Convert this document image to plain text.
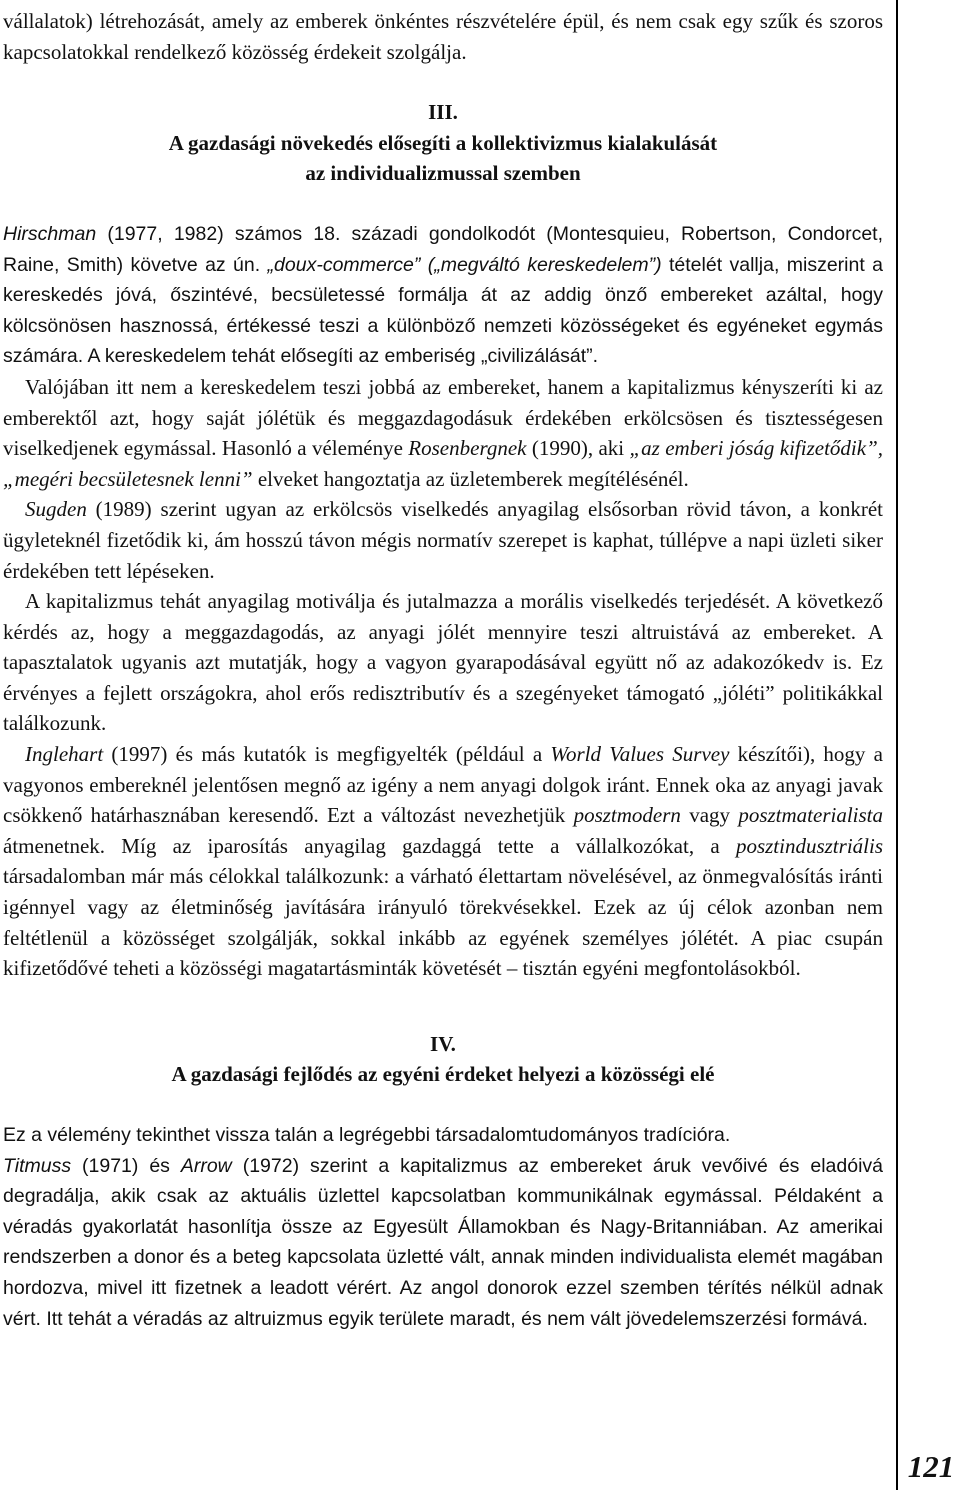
vállalatok) létrehozását, amely az emberek önkéntes részvételére épül, és nem csak egy szűk és szoros kapcsolatokkal rendelkező közösség érdekeit szolgálja.

III.

A gazdasági növekedés elősegíti a kollektivizmus kialakulását

az individualizmussal szemben

Hirschman (1977, 1982) számos 18. századi gondolkodót (Montesquieu, Robertson, Condorcet, Raine, Smith) követve az ún. „doux-commerce” („megváltó kereskedelem”) tételét vallja, miszerint a kereskedés jóvá, őszintévé, becsületessé formálja át az addig önző embereket azáltal, hogy kölcsönösen hasznossá, értékessé teszi a különböző nemzeti közösségeket és egyéneket egymás számára. A kereskedelem tehát elősegíti az emberiség „civilizálását”.

Valójában itt nem a kereskedelem teszi jobbá az embereket, hanem a kapitalizmus kényszeríti ki az emberektől azt, hogy saját jólétük és meggazdagodásuk érdekében erkölcsösen és tisztességesen viselkedjenek egymással. Hasonló a véleménye Rosenbergnek (1990), aki „az emberi jóság kifizetődik”, „megéri becsületesnek lenni” elveket hangoztatja az üzletemberek megítélésénél.

Sugden (1989) szerint ugyan az erkölcsös viselkedés anyagilag elsősorban rövid távon, a konkrét ügyleteknél fizetődik ki, ám hosszú távon mégis normatív szerepet is kaphat, túllépve a napi üzleti siker érdekében tett lépéseken.

A kapitalizmus tehát anyagilag motiválja és jutalmazza a morális viselkedés terjedését. A következő kérdés az, hogy a meggazdagodás, az anyagi jólét mennyire teszi altruistává az embereket. A tapasztalatok ugyanis azt mutatják, hogy a vagyon gyarapodásával együtt nő az adakozókedv is. Ez érvényes a fejlett országokra, ahol erős redisztributív és a szegényeket támogató „jóléti” politikákkal találkozunk.

Inglehart (1997) és más kutatók is megfigyelték (például a World Values Survey készítői), hogy a vagyonos embereknél jelentősen megnő az igény a nem anyagi dolgok iránt. Ennek oka az anyagi javak csökkenő határhasznában keresendő. Ezt a változást nevezhetjük posztmodern vagy posztmaterialista átmenetnek. Míg az iparosítás anyagilag gazdaggá tette a vállalkozókat, a posztindusztriális társadalomban már más célokkal találkozunk: a várható élettartam növelésével, az önmegvalósítás iránti igénnyel vagy az életminőség javítására irányuló törekvésekkel. Ezek az új célok azonban nem feltétlenül a közösséget szolgálják, sokkal inkább az egyének személyes jólétét. A piac csupán kifizetődővé teheti a közösségi magatartásminták követését – tisztán egyéni megfontolásokból.

IV.

A gazdasági fejlődés az egyéni érdeket helyezi a közösségi elé

Ez a vélemény tekinthet vissza talán a legrégebbi társadalomtudományos tradícióra.
Titmuss (1971) és Arrow (1972) szerint a kapitalizmus az embereket áruk vevőivé és eladóivá degradálja, akik csak az aktuális üzlettel kapcsolatban kommunikálnak egymással. Példaként a véradás gyakorlatát hasonlítja össze az Egyesült Államokban és Nagy-Britanniában. Az amerikai rendszerben a donor és a beteg kapcsolata üzletté vált, annak minden individualista elemét magában hordozva, mivel itt fizetnek a leadott vérért. Az angol donorok ezzel szemben térítés nélkül adnak vért. Itt tehát a véradás az altruizmus egyik területe maradt, és nem vált jövedelemszerzési formává.

121
